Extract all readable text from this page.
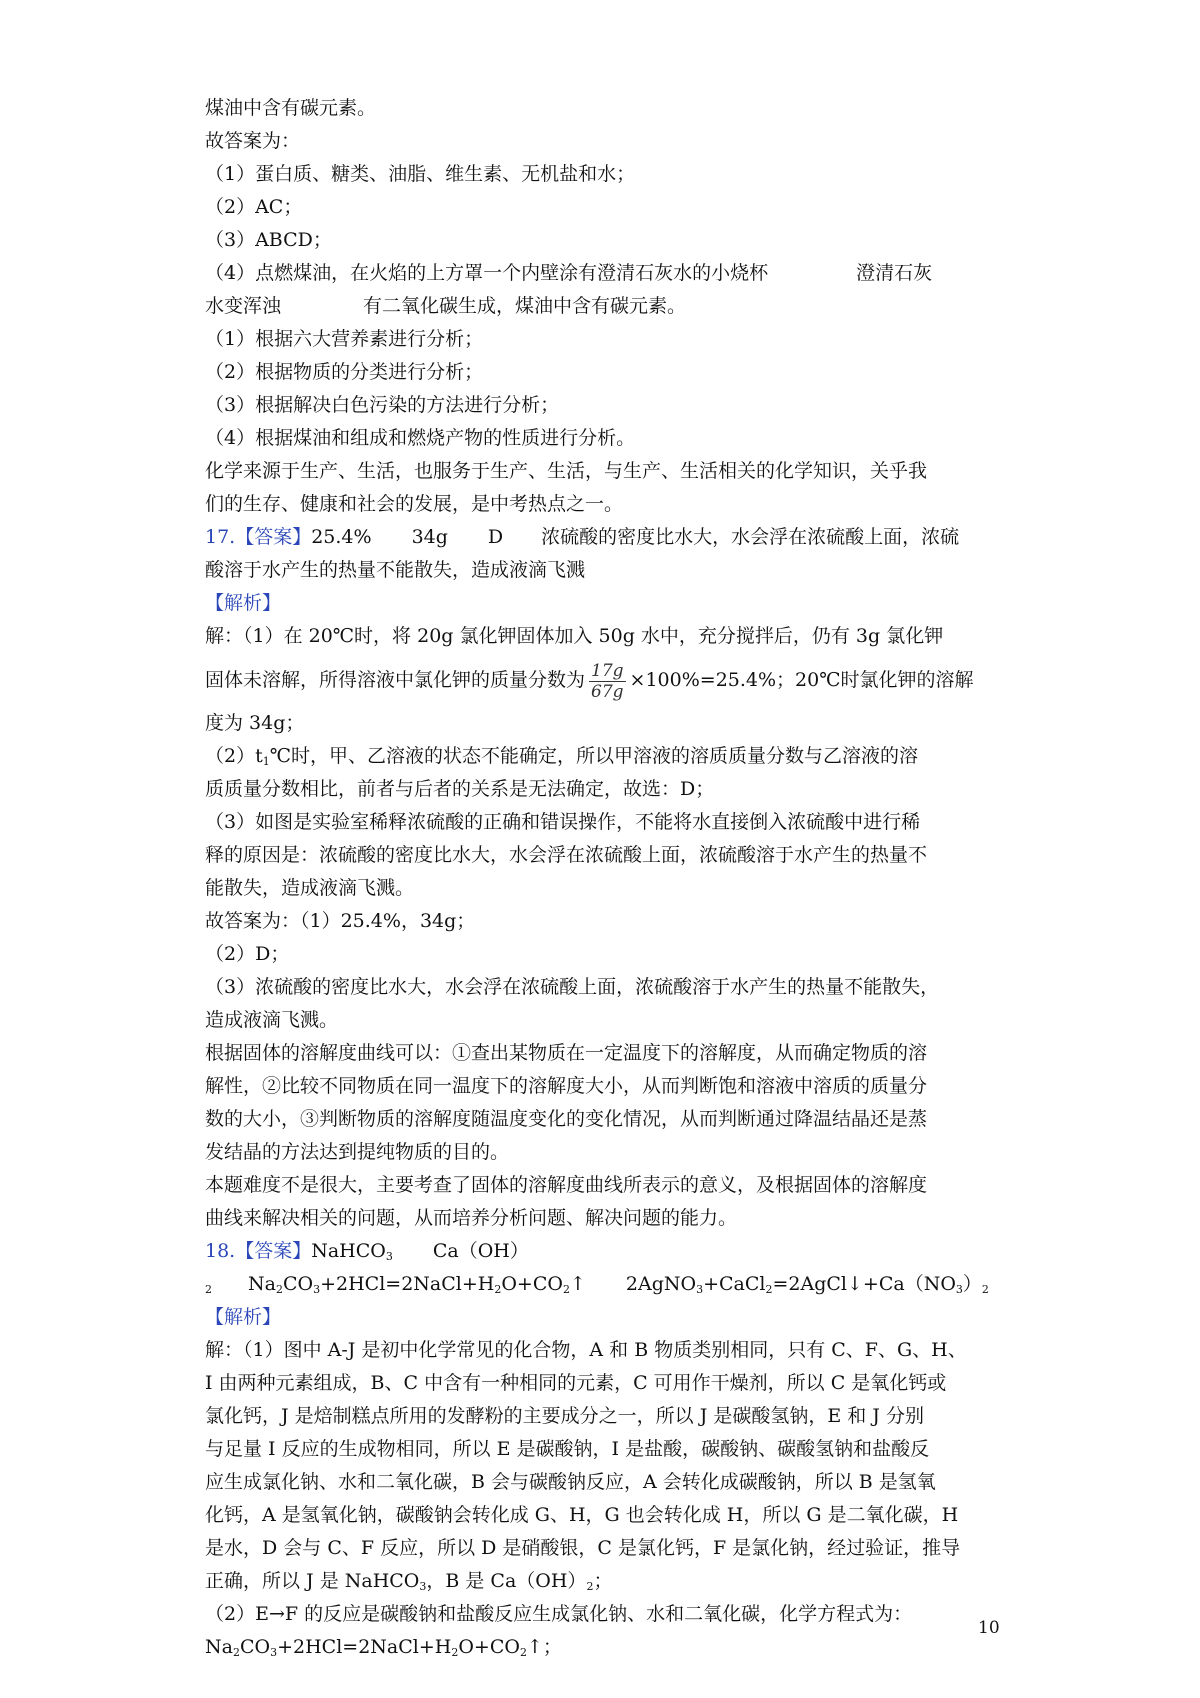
煤油中含有碳元素。
故答案为：
（1）蛋白质、糖类、油脂、维生素、无机盐和水；
（2）AC；
（3）ABCD；
（4）点燃煤油，在火焰的上方罩一个内壁涂有澄清石灰水的小烧杯	澄清石灰
水变浑浊	有二氧化碳生成，煤油中含有碳元素。
（1）根据六大营养素进行分析；
（2）根据物质的分类进行分析；
（3）根据解决白色污染的方法进行分析；
（4）根据煤油和组成和燃烧产物的性质进行分析。
化学来源于生产、生活，也服务于生产、生活，与生产、生活相关的化学知识，关乎我
们的生存、健康和社会的发展，是中考热点之一。
17.【答案】25.4% 34g D 浓硫酸的密度比水大，水会浮在浓硫酸上面，浓硫
酸溶于水产生的热量不能散失，造成液滴飞溅
【解析】
解：（1）在 20℃时，将 20g 氯化钾固体加入 50g 水中，充分搅拌后，仍有 3g 氯化钾
固体未溶解，所得溶液中氯化钾的质量分数为 $\frac{17g}{67g} \times 100\%=25.4\%$；20℃时氯化钾的溶解
度为 34g；
$(2)t_1℃$时，甲、乙溶液的状态不能确定，所以甲溶液的溶质质量分数与乙溶液的溶
质质量分数相比，前者与后者的关系是无法确定，故选：D；
（3）如图是实验室稀释浓硫酸的正确和错误操作，不能将水直接倒入浓硫酸中进行稀
释的原因是：浓硫酸的密度比水大，水会浮在浓硫酸上面，浓硫酸溶于水产生的热量不
能散失，造成液滴飞溅。
故答案为：（1）25.4%，34g；
（2）D；
（3）浓硫酸的密度比水大，水会浮在浓硫酸上面，浓硫酸溶于水产生的热量不能散失，
造成液滴飞溅。
根据固体的溶解度曲线可以：①查出某物质在一定温度下的溶解度，从而确定物质的溶
解性，②比较不同物质在同一温度下的溶解度大小，从而判断饱和溶液中溶质的质量分
数的大小，③判断物质的溶解度随温度变化的变化情况，从而判断通过降温结晶还是蒸
发结晶的方法达到提纯物质的目的。
本题难度不是很大，主要考查了固体的溶解度曲线所表示的意义，及根据固体的溶解度
曲线来解决相关的问题，从而培养分析问题、解决问题的能力。
18.【答案】NaHCO$_3$ Ca（OH）
$_2$ $Na_2CO_3+2HCl=2NaCl+H_2O+CO_2↑$ $2AgNO_3+CaCl_2=2AgCl↓+Ca(NO_3)_2$
【解析】
解：（1）图中 A-J 是初中化学常见的化合物，A 和 B 物质类别相同，只有 C、F、G、H、
I 由两种元素组成，B、C 中含有一种相同的元素，C 可用作干燥剂，所以 C 是氧化钙或
氯化钙，J 是焙制糕点所用的发酵粉的主要成分之一，所以 J 是碳酸氢钠，E 和 J 分别
与足量 I 反应的生成物相同，所以 E 是碳酸钠，I 是盐酸，碳酸钠、碳酸氢钠和盐酸反
应生成氯化钠、水和二氧化碳，B 会与碳酸钠反应，A 会转化成碳酸钠，所以 B 是氢氧
化钙，A 是氢氧化钠，碳酸钠会转化成 G、H，G 也会转化成 H，所以 G 是二氧化碳，H
是水，D 会与 C、F 反应，所以 D 是硝酸银，C 是氯化钙，F 是氯化钠，经过验证，推导
正确，所以 J 是 NaHCO$_3$，B 是 $Ca(OH)_2$；
（2）E→F 的反应是碳酸钠和盐酸反应生成氯化钠、水和二氧化碳，化学方程式为：
$Na_2CO_3+2HCl=2NaCl+H_2O+CO_2↑$；
10
